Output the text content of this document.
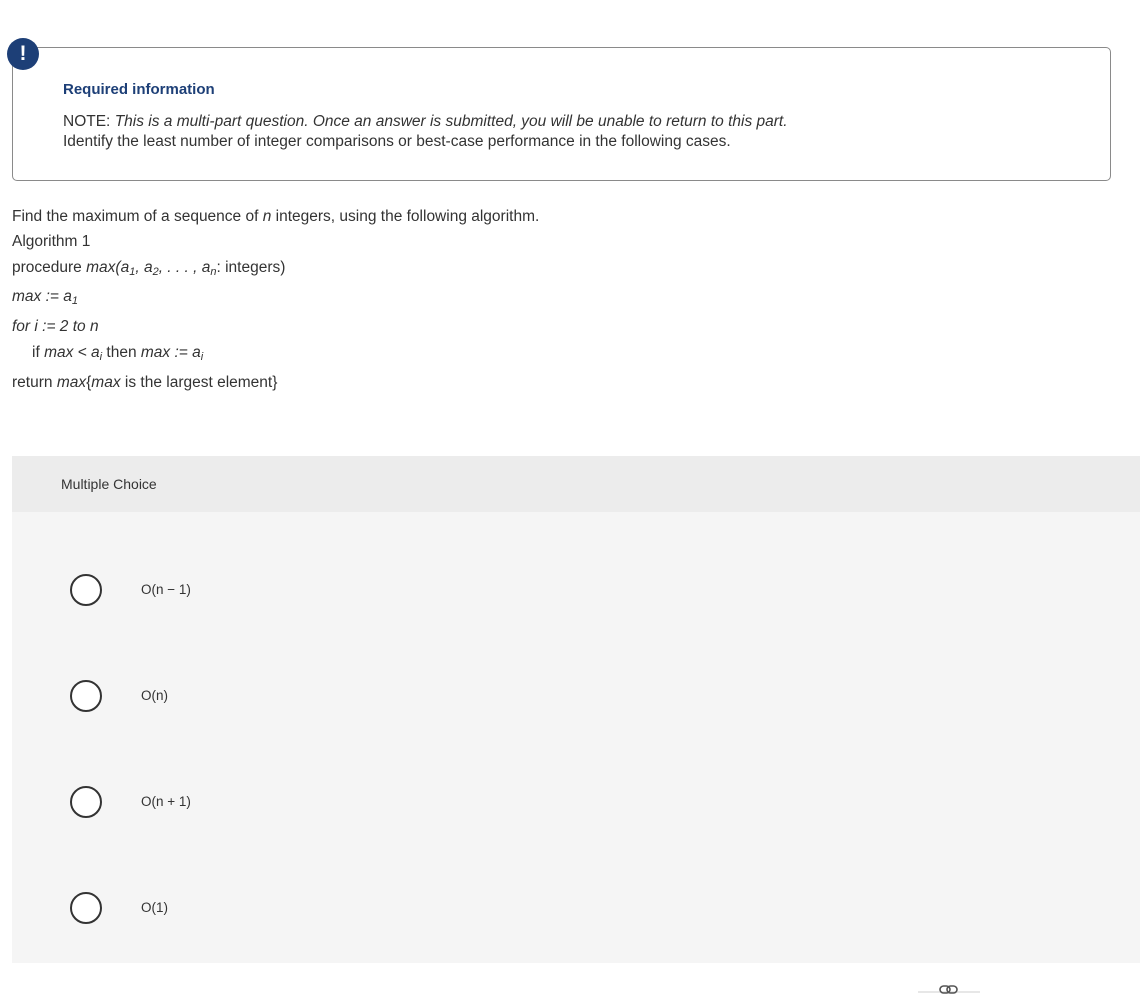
!
Required information
NOTE: This is a multi-part question. Once an answer is submitted, you will be unable to return to this part.
Identify the least number of integer comparisons or best-case performance in the following cases.
Find the maximum of a sequence of n integers, using the following algorithm.
Algorithm 1
procedure $\max(a_1$, $a_2$, . . . , $a_n$: integers)
max := $a_1$
for i := 2 to n
if $\max < a_i$ then max := $a_i$
return max{max is the largest element}
Multiple Choice
O(n − 1)
O(n)
O(n + 1)
O(1)
